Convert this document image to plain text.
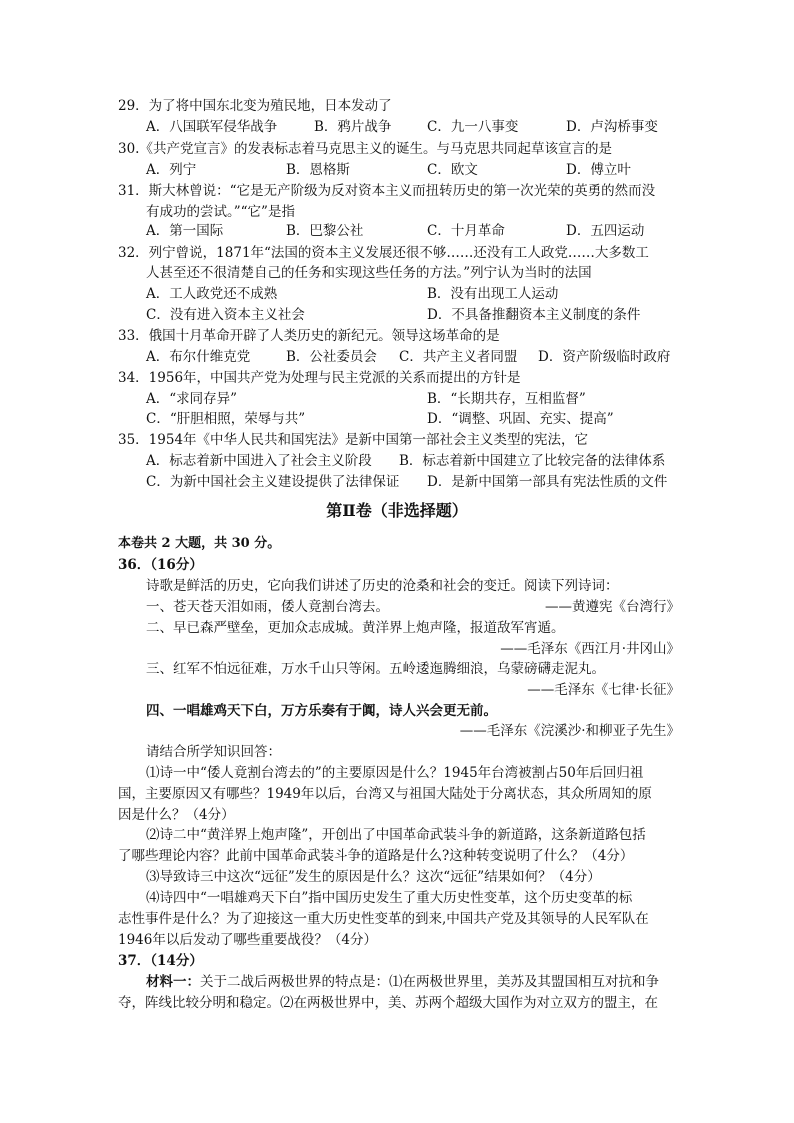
29．为了将中国东北变为殖民地，日本发动了
A．八国联军侵华战争	B．鸦片战争	C．九一八事变	D．卢沟桥事变
30.《共产党宣言》的发表标志着马克思主义的诞生。与马克思共同起草该宣言的是
A．列宁	B．恩格斯	C．欧文	D．傅立叶
31．斯大林曾说：“它是无产阶级为反对资本主义而扭转历史的第一次光荣的英勇的然而没
有成功的尝试。”“它”是指
A．第一国际	B．巴黎公社	C．十月革命	D．五四运动
32．列宁曾说，1871年“法国的资本主义发展还很不够……还没有工人政党……大多数工
人甚至还不很清楚自己的任务和实现这些任务的方法。”列宁认为当时的法国
A．工人政党还不成熟	B．没有出现工人运动
C．没有进入资本主义社会	D．不具备推翻资本主义制度的条件
33．俄国十月革命开辟了人类历史的新纪元。领导这场革命的是
A．布尔什维克党	B．公社委员会 C．共产主义者同盟 D．资产阶级临时政府
34．1956年，中国共产党为处理与民主党派的关系而提出的方针是
A．“求同存异”	B．“长期共存，互相监督”
C．“肝胆相照，荣辱与共”	D．“调整、巩固、充实、提高”
35．1954年《中华人民共和国宪法》是新中国第一部社会主义类型的宪法，它
A．标志着新中国进入了社会主义阶段 B．标志着新中国建立了比较完备的法律体系
C．为新中国社会主义建设提供了法律保证 D．是新中国第一部具有宪法性质的文件
第Ⅱ卷（非选择题）
本卷共 2 大题，共 30 分。
36．（16分）
诗歌是鲜活的历史，它向我们讲述了历史的沧桑和社会的变迁。阅读下列诗词：
一、苍天苍天泪如雨，倭人竟割台湾去。	——黄遵宪《台湾行》
二、早已森严壁垒，更加众志成城。黄洋界上炮声隆，报道敌军宵遁。
——毛泽东《西江月·井冈山》
三、红军不怕远征难，万水千山只等闲。五岭逶迤腾细浪，乌蒙磅礴走泥丸。
——毛泽东《七律·长征》
四、一唱雄鸡天下白，万方乐奏有于阗，诗人兴会更无前。
——毛泽东《浣溪沙·和柳亚子先生》
请结合所学知识回答：
⑴诗一中“倭人竟割台湾去的”的主要原因是什么？1945年台湾被割占50年后回归祖
国，主要原因又有哪些？1949年以后，台湾又与祖国大陆处于分离状态，其众所周知的原
因是什么？（4分）
⑵诗二中“黄洋界上炮声隆”，开创出了中国革命武装斗争的新道路，这条新道路包括
了哪些理论内容？此前中国革命武装斗争的道路是什么?这种转变说明了什么？（4分）
⑶导致诗三中这次“远征”发生的原因是什么？这次“远征”结果如何？（4分）
⑷诗四中“一唱雄鸡天下白”指中国历史发生了重大历史性变革，这个历史变革的标
志性事件是什么？为了迎接这一重大历史性变革的到来,中国共产党及其领导的人民军队在
1946年以后发动了哪些重要战役？（4分）
37．（14分）
材料一：关于二战后两极世界的特点是：⑴在两极世界里，美苏及其盟国相互对抗和争
夺，阵线比较分明和稳定。⑵在两极世界中，美、苏两个超级大国作为对立双方的盟主，在
